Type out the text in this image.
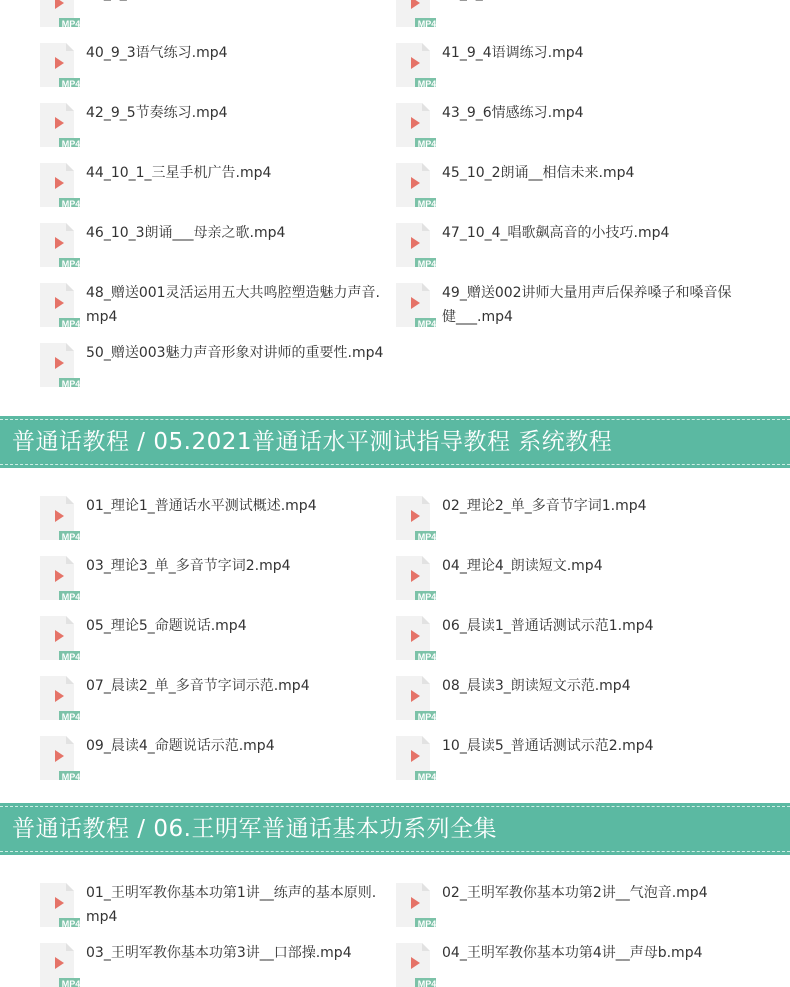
MP4	MP4
MP4
40_9_3语气练习.mp4
MP4
41_9_4语调练习.mp4
MP4
42_9_5节奏练习.mp4
MP4
43_9_6情感练习.mp4
MP4
44_10_1_三星手机广告.mp4
MP4
45_10_2朗诵__相信未来.mp4
MP4
46_10_3朗诵___母亲之歌.mp4
MP4
47_10_4_唱歌飙高音的小技巧.mp4
MP4
48_赠送001灵活运用五大共鸣腔塑造魅力声音.mp4	MP4
49_赠送002讲师大量用声后保养嗓子和嗓音保健___.mp4
MP4
50_赠送003魅力声音形象对讲师的重要性.mp4
普通话教程 / 05.2021普通话水平测试指导教程 系统教程
MP4
01_理论1_普通话水平测试概述.mp4
MP4
02_理论2_单_多音节字词1.mp4
MP4
03_理论3_单_多音节字词2.mp4
MP4
04_理论4_朗读短文.mp4
MP4
05_理论5_命题说话.mp4
MP4
06_晨读1_普通话测试示范1.mp4
MP4
07_晨读2_单_多音节字词示范.mp4
MP4
08_晨读3_朗读短文示范.mp4
MP4
09_晨读4_命题说话示范.mp4
MP4
10_晨读5_普通话测试示范2.mp4
普通话教程 / 06.王明军普通话基本功系列全集
MP4
01_王明军教你基本功第1讲__练声的基本原则.mp4	MP4
02_王明军教你基本功第2讲__气泡音.mp4
MP4
03_王明军教你基本功第3讲__口部操.mp4
MP4
04_王明军教你基本功第4讲__声母b.mp4
